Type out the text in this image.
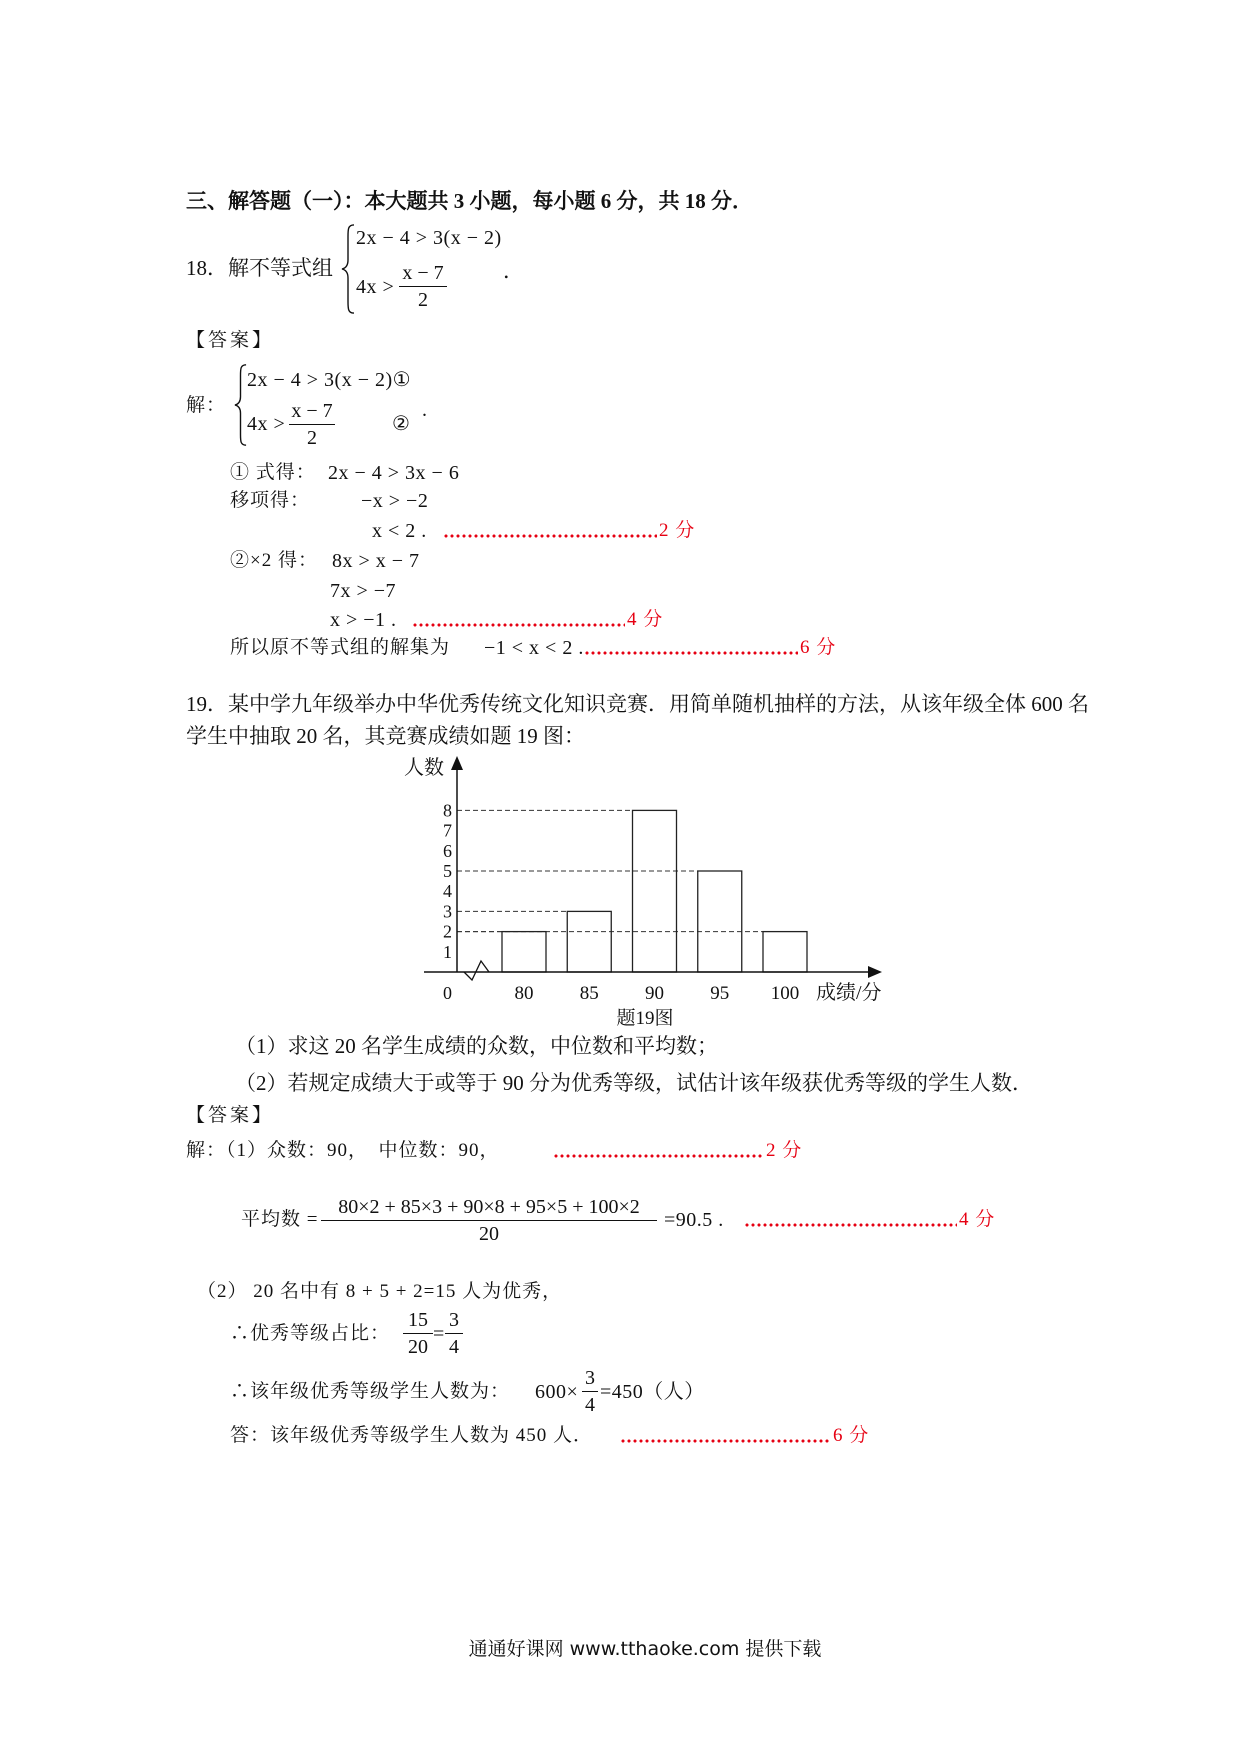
三、解答题（一）：本大题共 3 小题，每小题 6 分，共 18 分．
18．解不等式组
2x − 4 > 3(x − 2)
4x >
x − 7
2
．
【答案】
解：
2x − 4 > 3(x − 2)①
4x >
x − 7
2
②
.
① 式得： 2x − 4 > 3x − 6
移项得：	−x > −2
x < 2 .	2 分
②×2 得： 8x > x − 7
7x > −7
x > −1 .	4 分
所以原不等式组的解集为 −1 < x < 2 .	6 分
19．某中学九年级举办中华优秀传统文化知识竞赛．用简单随机抽样的方法，从该年级全体 600 名
学生中抽取 20 名，其竞赛成绩如题 19 图：
0
1
2
3
4
5
6
7
8
80 85 90 95 100
人数
成绩/分
题19图
（1）求这 20 名学生成绩的众数，中位数和平均数；
（2）若规定成绩大于或等于 90 分为优秀等级，试估计该年级获优秀等级的学生人数．
【答案】
解：（1）众数：90，　中位数：90，	2 分
平均数 =
80×2 + 85×3 + 90×8 + 95×5 + 100×2
20
=90.5 .	4 分
（2） 20 名中有 8 + 5 + 2=15 人为优秀，
∴优秀等级占比：
15
20
=
3
4
∴该年级优秀等级学生人数为： 600×
3
4
=450（人）
答：该年级优秀等级学生人数为 450 人．	6 分
通通好课网 www.tthaoke.com 提供下载
